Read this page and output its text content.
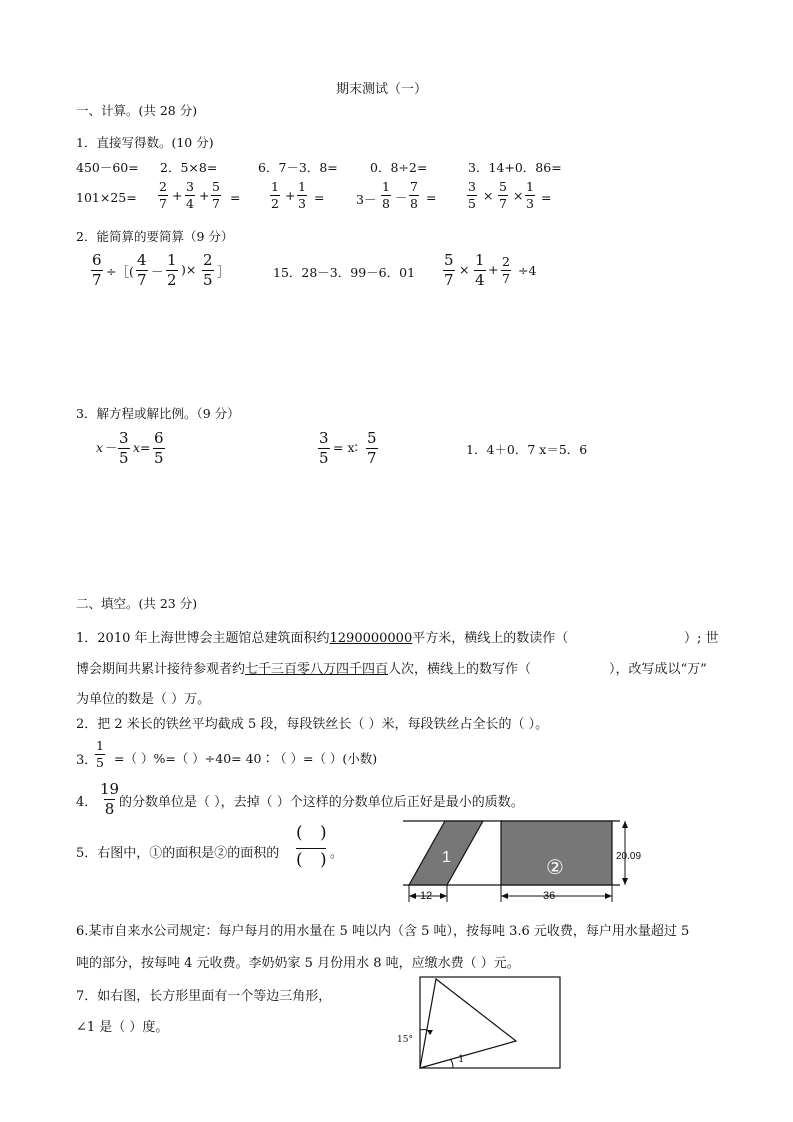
期末测试（一）
一、计算。(共 28 分)
1．直接写得数。(10 分)
450－60= 2．5×8=	6．7－3．8=	0．8÷2=	3．14+0．86=
$101\times 25= \frac{2}{7} + \frac{3}{4} + \frac{5}{7} = \frac{1}{2} + \frac{1}{3}$ =	$3- \frac{1}{8} - \frac{7}{8} = \frac{3}{5} \times \frac{5}{7} \times \frac{1}{3}$ =
2．能简算的要简算（9 分）
$\frac{6}{7}$ ÷［( $\frac{4}{7} - \frac{1}{2}$ )× $\frac{2}{5}$ ］	15．28－3．99－6．$01 \frac{5}{7} \times \frac{1}{4} + \frac{2}{7} \div 4$
3．解方程或解比例。（9 分）
$x - \frac{3}{5} x= \frac{6}{5}$	$\frac{3}{5}$ = x∶ $\frac{5}{7}$	1．4＋0．7 x＝5．6
二、填空。(共 23 分)
1．2010 年上海世博会主题馆总建筑面积约1290000000平方米，横线上的数读作（	）; 世
博会期间共累计接待参观者约七千三百零八万四千四百人次，横线上的数写作（	），改写成以“万”
为单位的数是（ ）万。
2．把 2 米长的铁丝平均截成 5 段，每段铁丝长（ ）米，每段铁丝占全长的（ ）。
3．
$\frac{1}{5}$ =（ ）%=（ ）÷40= 40∶（ ）=（ ）(小数)
4． $\frac{19}{8}$
的分数单位是（ ），去掉（ ）个这样的分数单位后正好是最小的质数。
5．右图中，①的面积是②的面积的
( )
( )
。	1	②
12	36
20.09
6.某市自来水公司规定：每户每月的用水量在 5 吨以内（含 5 吨），按每吨 3.6 元收费，每户用水量超过 5
吨的部分，按每吨 4 元收费。李奶奶家 5 月份用水 8 吨，应缴水费（ ）元。
7．如右图，长方形里面有一个等边三角形，
∠1 是（ ）度。
15°
1
